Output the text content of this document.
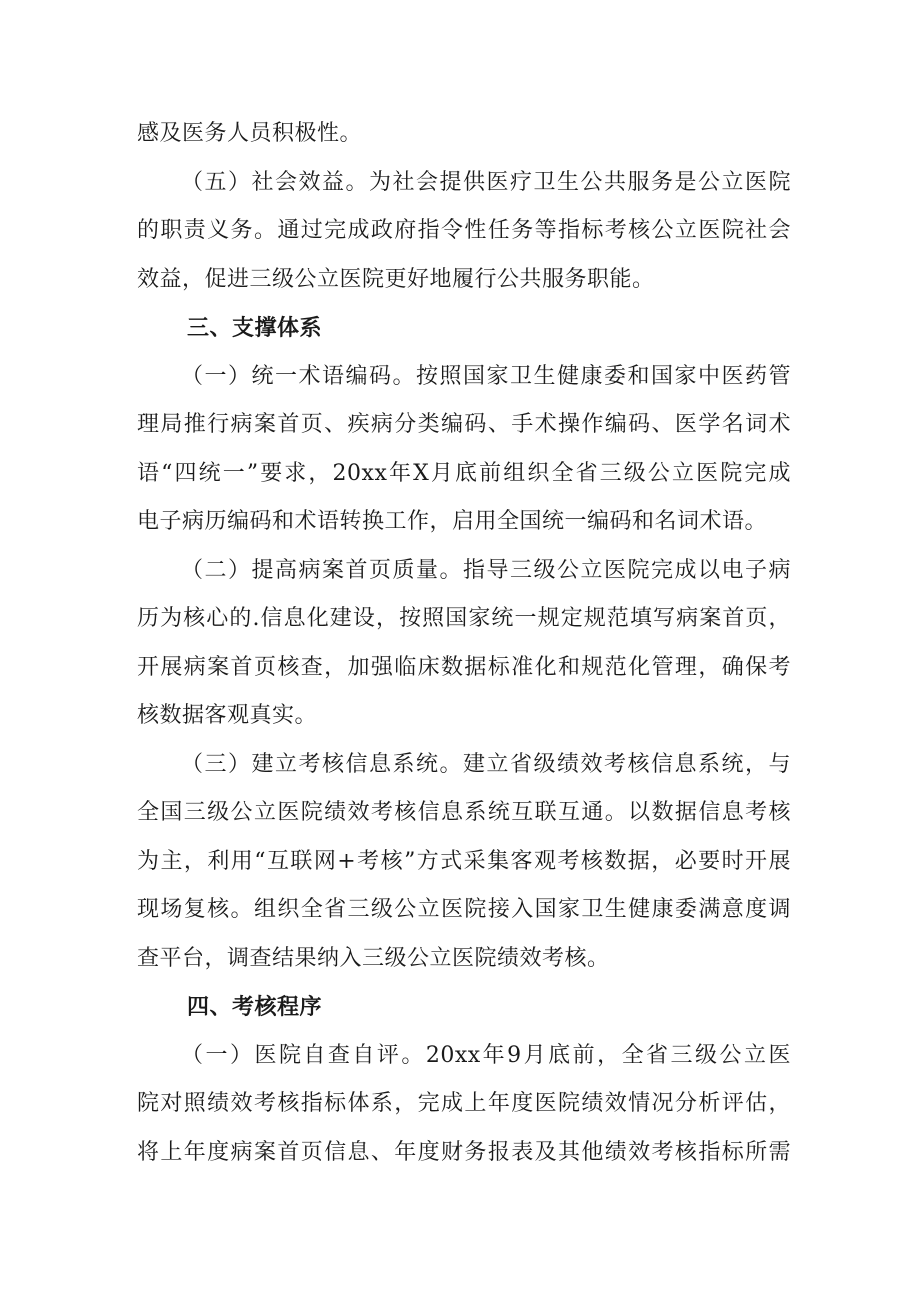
感及医务人员积极性。
（五）社会效益。为社会提供医疗卫生公共服务是公立医院
的职责义务。通过完成政府指令性任务等指标考核公立医院社会
效益，促进三级公立医院更好地履行公共服务职能。
三、支撑体系
（一）统一术语编码。按照国家卫生健康委和国家中医药管
理局推行病案首页、疾病分类编码、手术操作编码、医学名词术
语“四统一”要求，20xx年X月底前组织全省三级公立医院完成
电子病历编码和术语转换工作，启用全国统一编码和名词术语。
（二）提高病案首页质量。指导三级公立医院完成以电子病
历为核心的.信息化建设，按照国家统一规定规范填写病案首页，
开展病案首页核查，加强临床数据标准化和规范化管理，确保考
核数据客观真实。
（三）建立考核信息系统。建立省级绩效考核信息系统，与
全国三级公立医院绩效考核信息系统互联互通。以数据信息考核
为主，利用“互联网+考核”方式采集客观考核数据，必要时开展
现场复核。组织全省三级公立医院接入国家卫生健康委满意度调
查平台，调查结果纳入三级公立医院绩效考核。
四、考核程序
（一）医院自查自评。20xx年9月底前，全省三级公立医
院对照绩效考核指标体系，完成上年度医院绩效情况分析评估，
将上年度病案首页信息、年度财务报表及其他绩效考核指标所需
